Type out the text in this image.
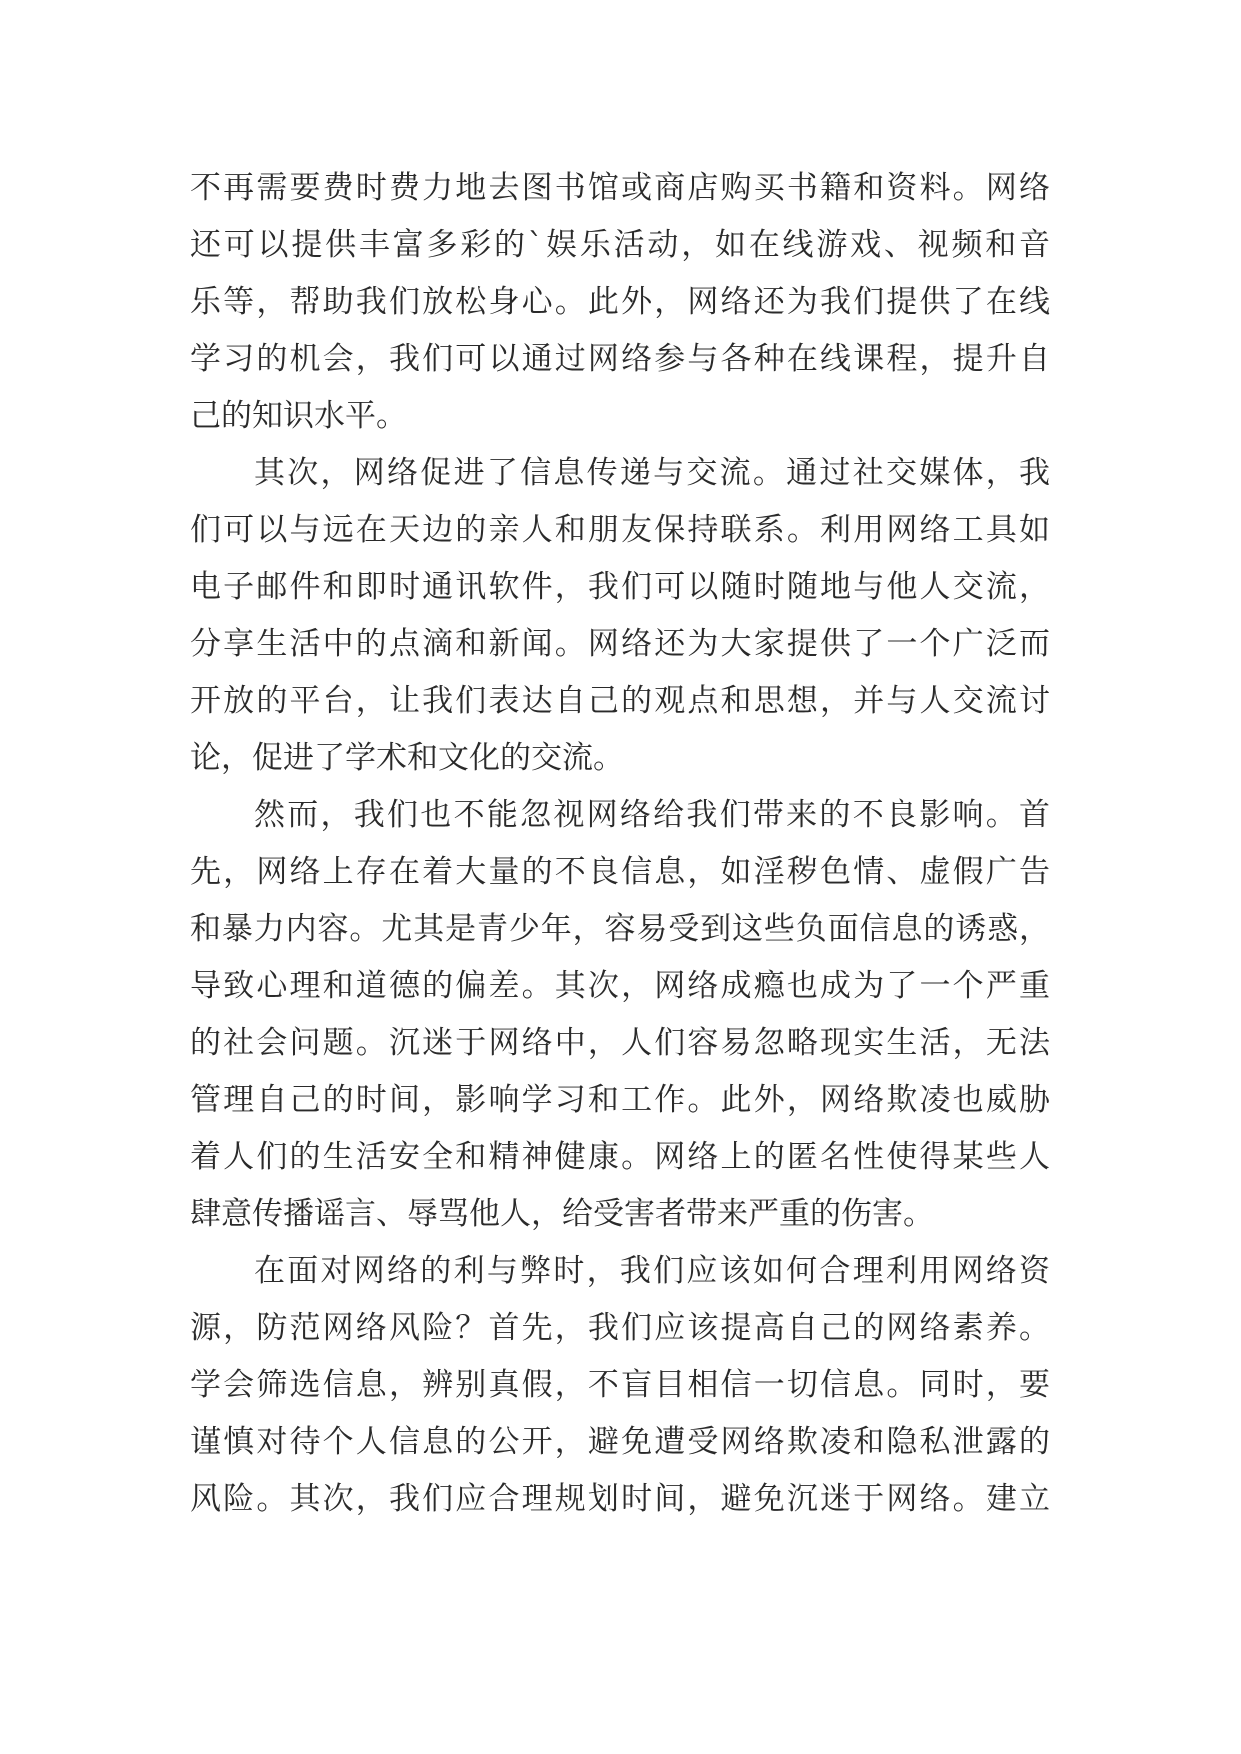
不再需要费时费力地去图书馆或商店购买书籍和资料。网络
还可以提供丰富多彩的`娱乐活动，如在线游戏、视频和音
乐等，帮助我们放松身心。此外，网络还为我们提供了在线
学习的机会，我们可以通过网络参与各种在线课程，提升自
己的知识水平。
其次，网络促进了信息传递与交流。通过社交媒体，我
们可以与远在天边的亲人和朋友保持联系。利用网络工具如
电子邮件和即时通讯软件，我们可以随时随地与他人交流，
分享生活中的点滴和新闻。网络还为大家提供了一个广泛而
开放的平台，让我们表达自己的观点和思想，并与人交流讨
论，促进了学术和文化的交流。
然而，我们也不能忽视网络给我们带来的不良影响。首
先，网络上存在着大量的不良信息，如淫秽色情、虚假广告
和暴力内容。尤其是青少年，容易受到这些负面信息的诱惑，
导致心理和道德的偏差。其次，网络成瘾也成为了一个严重
的社会问题。沉迷于网络中，人们容易忽略现实生活，无法
管理自己的时间，影响学习和工作。此外，网络欺凌也威胁
着人们的生活安全和精神健康。网络上的匿名性使得某些人
肆意传播谣言、辱骂他人，给受害者带来严重的伤害。
在面对网络的利与弊时，我们应该如何合理利用网络资
源，防范网络风险？首先，我们应该提高自己的网络素养。
学会筛选信息，辨别真假，不盲目相信一切信息。同时，要
谨慎对待个人信息的公开，避免遭受网络欺凌和隐私泄露的
风险。其次，我们应合理规划时间，避免沉迷于网络。建立
